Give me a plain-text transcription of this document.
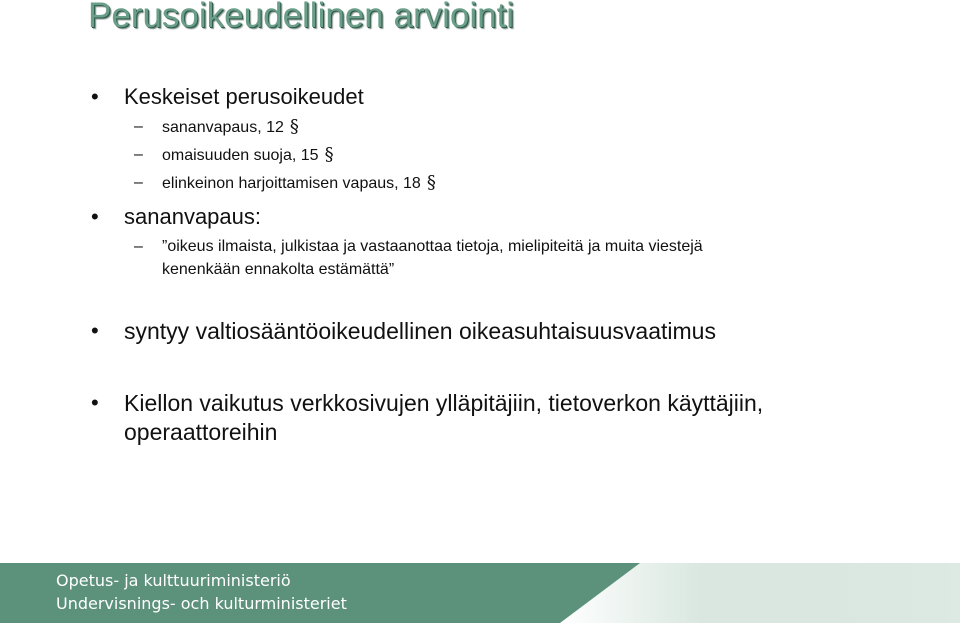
Perusoikeudellinen arviointi
• Keskeiset perusoikeudet
– sananvapaus, 12 §
– omaisuuden suoja, 15 §
– elinkeinon harjoittamisen vapaus, 18 §
• sananvapaus:
– ”oikeus ilmaista, julkistaa ja vastaanottaa tietoja, mielipiteitä ja muita viestejä
kenenkään ennakolta estämättä”
• syntyy valtiosääntöoikeudellinen oikeasuhtaisuusvaatimus
• Kiellon vaikutus verkkosivujen ylläpitäjiin, tietoverkon käyttäjiin,
operaattoreihin
Opetus- ja kulttuuriministeriö
Undervisnings- och kulturministeriet
